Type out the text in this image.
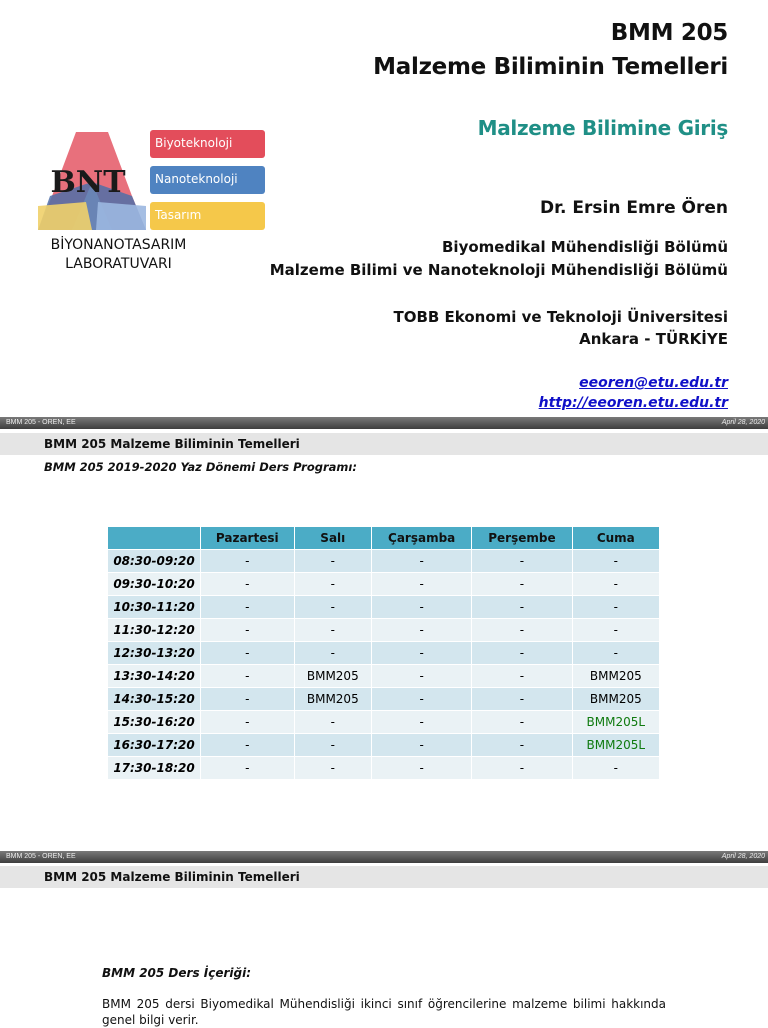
BMM 205
Malzeme Biliminin Temelleri
Malzeme Bilimine Giriş
BNT
Biyoteknoloji
Nanoteknoloji
Tasarım
BİYONANOTASARIM
LABORATUVARI
Dr. Ersin Emre Ören
Biyomedikal Mühendisliği Bölümü
Malzeme Bilimi ve Nanoteknoloji Mühendisliği Bölümü
TOBB Ekonomi ve Teknoloji Üniversitesi
Ankara - TÜRKİYE
eeoren@etu.edu.tr
http://eeoren.etu.edu.tr
BMM 205 - OREN, EE	April 28, 2020
BMM 205 Malzeme Biliminin Temelleri
BMM 205 2019-2020 Yaz Dönemi Ders Programı:
	Pazartesi	Salı	Çarşamba	Perşembe	Cuma
08:30-09:20	-	-	-	-	-
09:30-10:20	-	-	-	-	-
10:30-11:20	-	-	-	-	-
11:30-12:20	-	-	-	-	-
12:30-13:20	-	-	-	-	-
13:30-14:20	-	BMM205	-	-	BMM205
14:30-15:20	-	BMM205	-	-	BMM205
15:30-16:20	-	-	-	-	BMM205L
16:30-17:20	-	-	-	-	BMM205L
17:30-18:20	-	-	-	-	-
BMM 205 - OREN, EE	April 28, 2020
BMM 205 Malzeme Biliminin Temelleri
BMM 205 Ders İçeriği:
BMM 205 dersi Biyomedikal Mühendisliği ikinci sınıf öğrencilerine malzeme bilimi hakkında genel bilgi verir.
